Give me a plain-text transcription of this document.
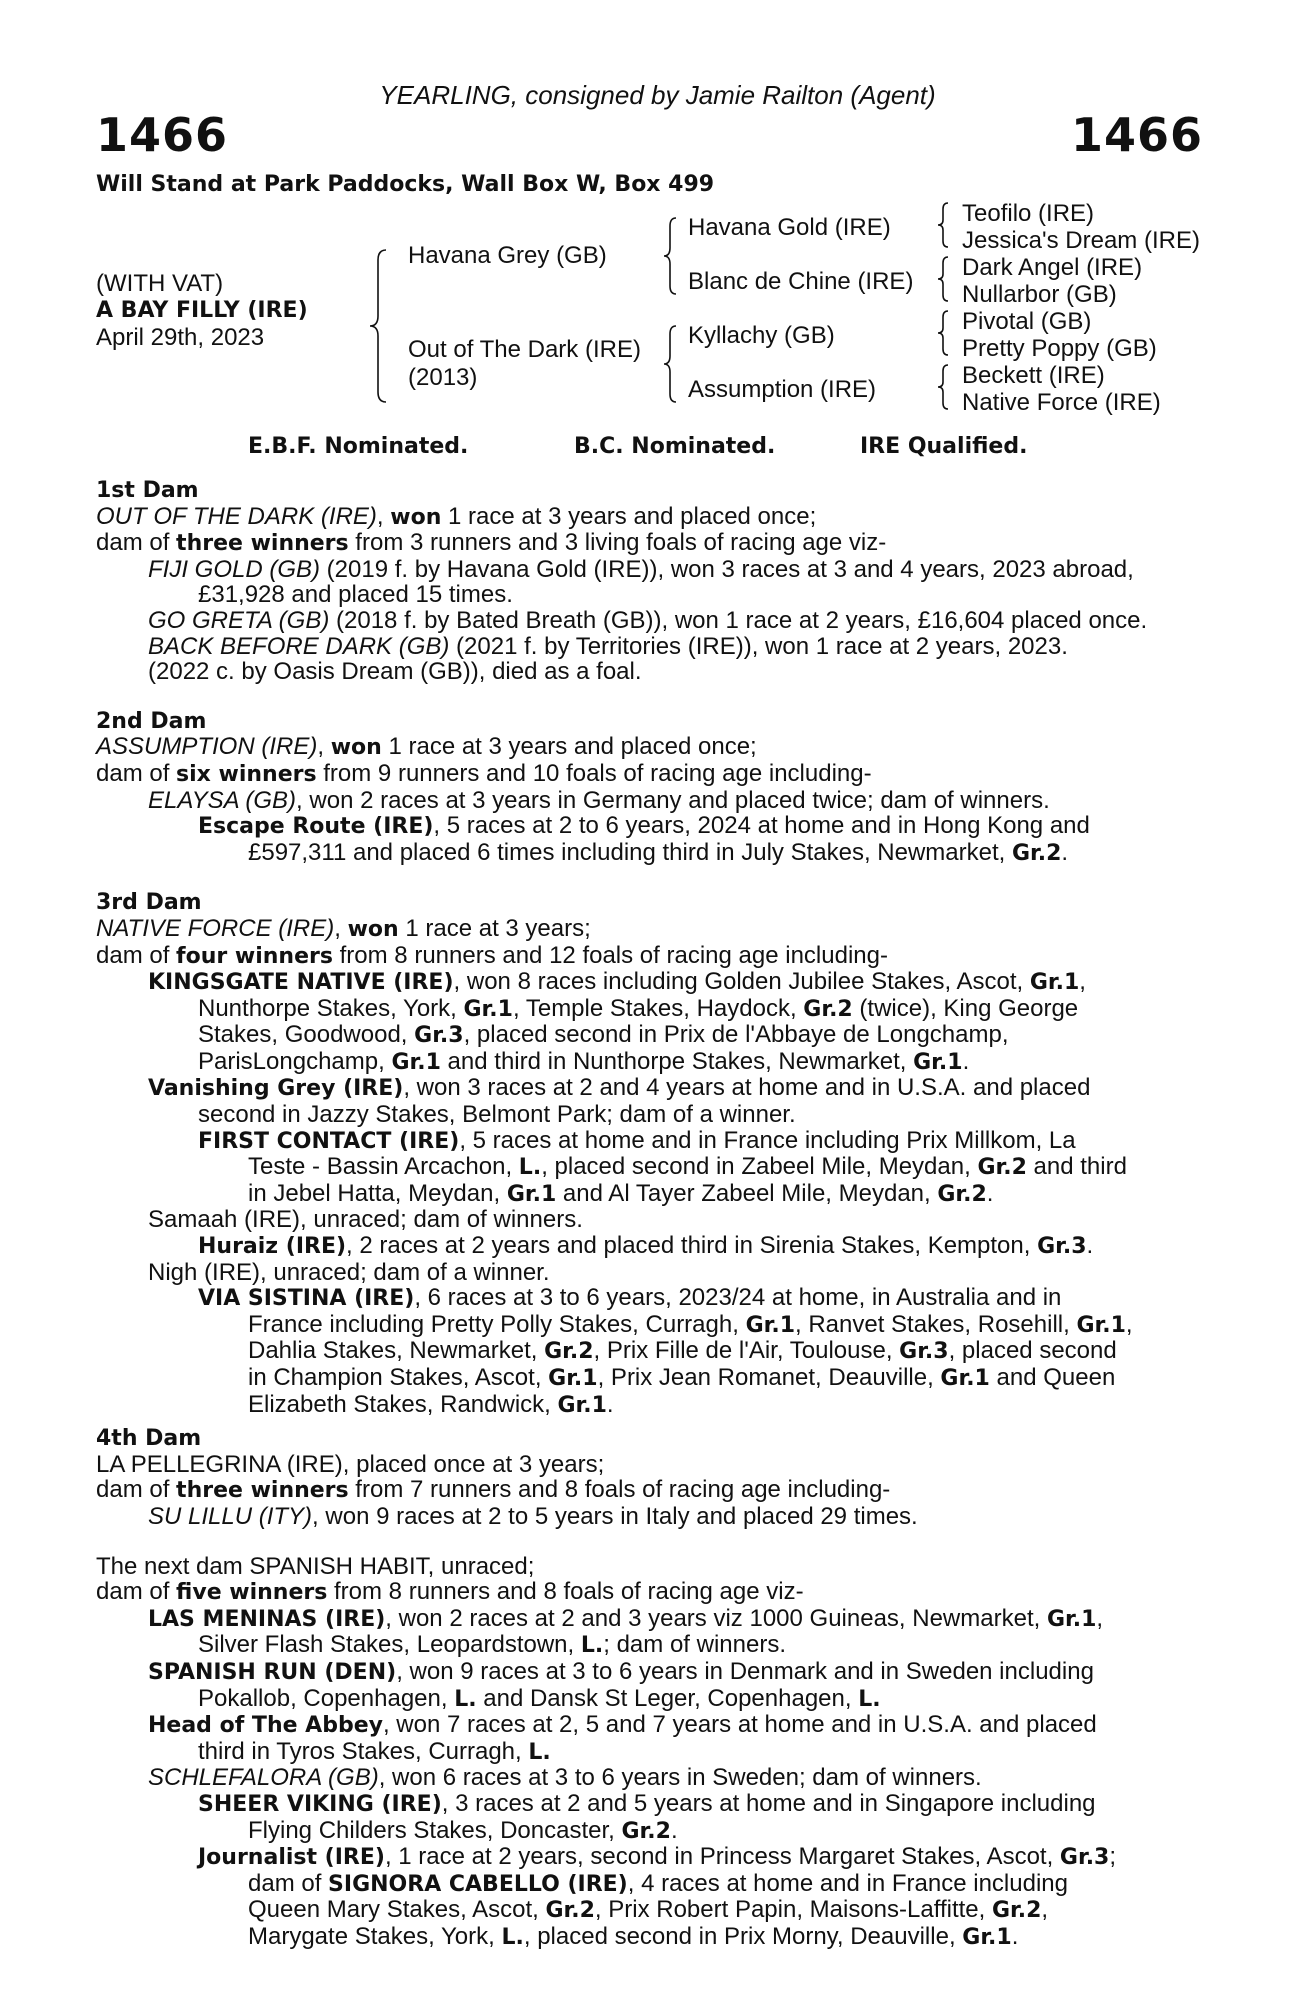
YEARLING, consigned by Jamie Railton (Agent)
1466	1466
Will Stand at Park Paddocks, Wall Box W, Box 499
(WITH VAT)
A BAY FILLY (IRE)
April 29th, 2023
Havana Grey (GB)
Out of The Dark (IRE)
(2013)
Havana Gold (IRE)
Blanc de Chine (IRE)
Kyllachy (GB)
Assumption (IRE)
Teofilo (IRE)
Jessica's Dream (IRE)
Dark Angel (IRE)
Nullarbor (GB)
Pivotal (GB)
Pretty Poppy (GB)
Beckett (IRE)
Native Force (IRE)
E.B.F. Nominated.	B.C. Nominated.	IRE Qualified.
1st Dam
OUT OF THE DARK (IRE), won 1 race at 3 years and placed once;
dam of three winners from 3 runners and 3 living foals of racing age viz-
FIJI GOLD (GB) (2019 f. by Havana Gold (IRE)), won 3 races at 3 and 4 years, 2023 abroad,
£31,928 and placed 15 times.
GO GRETA (GB) (2018 f. by Bated Breath (GB)), won 1 race at 2 years, £16,604 placed once.
BACK BEFORE DARK (GB) (2021 f. by Territories (IRE)), won 1 race at 2 years, 2023.
(2022 c. by Oasis Dream (GB)), died as a foal.
2nd Dam
ASSUMPTION (IRE), won 1 race at 3 years and placed once;
dam of six winners from 9 runners and 10 foals of racing age including-
ELAYSA (GB), won 2 races at 3 years in Germany and placed twice; dam of winners.
Escape Route (IRE), 5 races at 2 to 6 years, 2024 at home and in Hong Kong and
£597,311 and placed 6 times including third in July Stakes, Newmarket, Gr.2.
3rd Dam
NATIVE FORCE (IRE), won 1 race at 3 years;
dam of four winners from 8 runners and 12 foals of racing age including-
KINGSGATE NATIVE (IRE), won 8 races including Golden Jubilee Stakes, Ascot, Gr.1,
Nunthorpe Stakes, York, Gr.1, Temple Stakes, Haydock, Gr.2 (twice), King George
Stakes, Goodwood, Gr.3, placed second in Prix de l'Abbaye de Longchamp,
ParisLongchamp, Gr.1 and third in Nunthorpe Stakes, Newmarket, Gr.1.
Vanishing Grey (IRE), won 3 races at 2 and 4 years at home and in U.S.A. and placed
second in Jazzy Stakes, Belmont Park; dam of a winner.
FIRST CONTACT (IRE), 5 races at home and in France including Prix Millkom, La
Teste - Bassin Arcachon, L., placed second in Zabeel Mile, Meydan, Gr.2 and third
in Jebel Hatta, Meydan, Gr.1 and Al Tayer Zabeel Mile, Meydan, Gr.2.
Samaah (IRE), unraced; dam of winners.
Huraiz (IRE), 2 races at 2 years and placed third in Sirenia Stakes, Kempton, Gr.3.
Nigh (IRE), unraced; dam of a winner.
VIA SISTINA (IRE), 6 races at 3 to 6 years, 2023/24 at home, in Australia and in
France including Pretty Polly Stakes, Curragh, Gr.1, Ranvet Stakes, Rosehill, Gr.1,
Dahlia Stakes, Newmarket, Gr.2, Prix Fille de l'Air, Toulouse, Gr.3, placed second
in Champion Stakes, Ascot, Gr.1, Prix Jean Romanet, Deauville, Gr.1 and Queen
Elizabeth Stakes, Randwick, Gr.1.
4th Dam
LA PELLEGRINA (IRE), placed once at 3 years;
dam of three winners from 7 runners and 8 foals of racing age including-
SU LILLU (ITY), won 9 races at 2 to 5 years in Italy and placed 29 times.
The next dam SPANISH HABIT, unraced;
dam of five winners from 8 runners and 8 foals of racing age viz-
LAS MENINAS (IRE), won 2 races at 2 and 3 years viz 1000 Guineas, Newmarket, Gr.1,
Silver Flash Stakes, Leopardstown, L.; dam of winners.
SPANISH RUN (DEN), won 9 races at 3 to 6 years in Denmark and in Sweden including
Pokallob, Copenhagen, L. and Dansk St Leger, Copenhagen, L.
Head of The Abbey, won 7 races at 2, 5 and 7 years at home and in U.S.A. and placed
third in Tyros Stakes, Curragh, L.
SCHLEFALORA (GB), won 6 races at 3 to 6 years in Sweden; dam of winners.
SHEER VIKING (IRE), 3 races at 2 and 5 years at home and in Singapore including
Flying Childers Stakes, Doncaster, Gr.2.
Journalist (IRE), 1 race at 2 years, second in Princess Margaret Stakes, Ascot, Gr.3;
dam of SIGNORA CABELLO (IRE), 4 races at home and in France including
Queen Mary Stakes, Ascot, Gr.2, Prix Robert Papin, Maisons-Laffitte, Gr.2,
Marygate Stakes, York, L., placed second in Prix Morny, Deauville, Gr.1.
